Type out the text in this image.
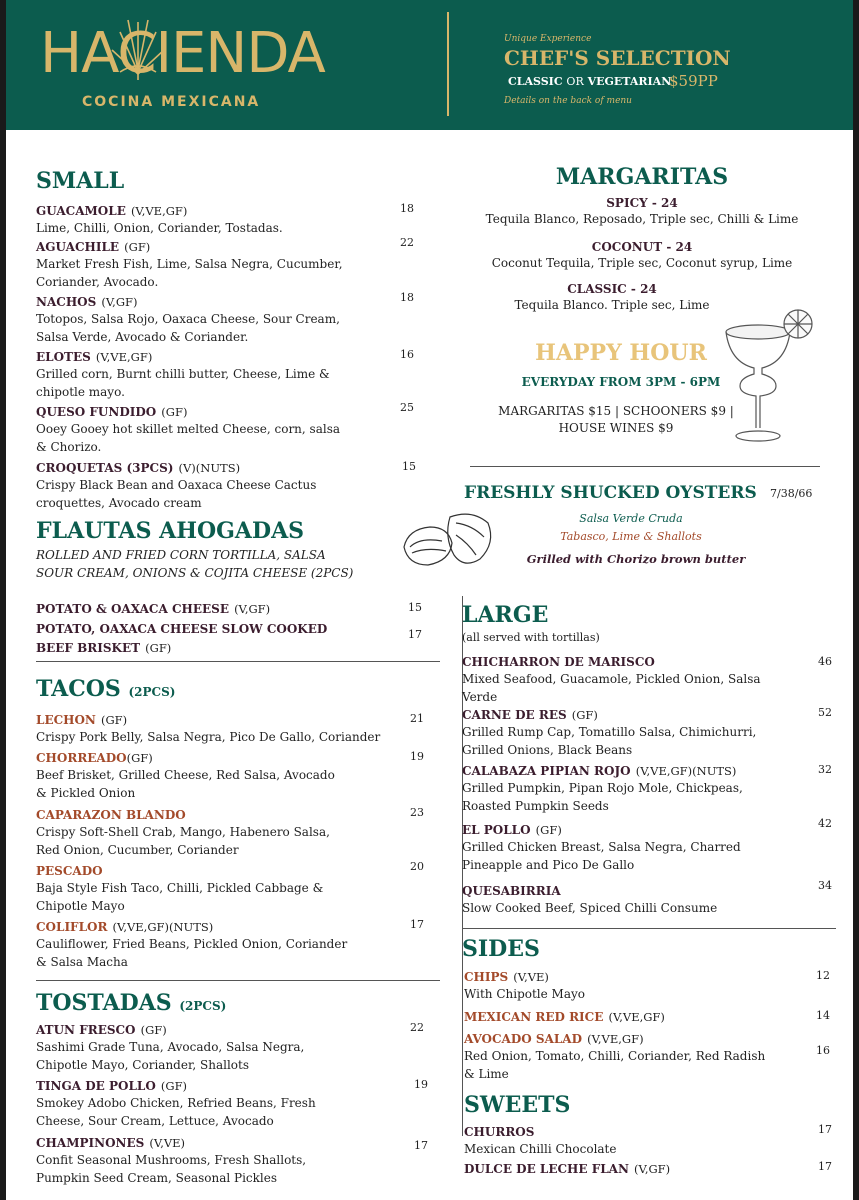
HACIENDA
COCINA MEXICANA
Unique Experience
CHEF'S SELECTION
CLASSIC OR VEGETARIAN
$59PP
Details on the back of menu
SMALL
GUACAMOLE (V,VE,GF)
Lime, Chilli, Onion, Coriander, Tostadas.
18
AGUACHILE (GF)
Market Fresh Fish, Lime, Salsa Negra, Cucumber,
Coriander, Avocado.
22
NACHOS (V,GF)
Totopos, Salsa Rojo, Oaxaca Cheese, Sour Cream,
Salsa Verde, Avocado & Coriander.
18
ELOTES (V,VE,GF)
Grilled corn, Burnt chilli butter, Cheese, Lime &
chipotle mayo.
16
QUESO FUNDIDO (GF)
Ooey Gooey hot skillet melted Cheese, corn, salsa
& Chorizo.
25
CROQUETAS (3PCS) (V)(NUTS)
Crispy Black Bean and Oaxaca Cheese Cactus
croquettes, Avocado cream
15
FLAUTAS AHOGADAS
ROLLED AND FRIED CORN TORTILLA, SALSA
SOUR CREAM, ONIONS & COJITA CHEESE (2PCS)
POTATO & OAXACA CHEESE (V,GF)	15
POTATO, OAXACA CHEESE SLOW COOKED
BEEF BRISKET (GF)
17
TACOS (2PCS)
LECHON (GF)
Crispy Pork Belly, Salsa Negra, Pico De Gallo, Coriander
21
CHORREADO(GF)
Beef Brisket, Grilled Cheese, Red Salsa, Avocado
& Pickled Onion
19
CAPARAZON BLANDO
Crispy Soft-Shell Crab, Mango, Habenero Salsa,
Red Onion, Cucumber, Coriander
23
PESCADO
Baja Style Fish Taco, Chilli, Pickled Cabbage &
Chipotle Mayo
20
COLIFLOR (V,VE,GF)(NUTS)
Cauliflower, Fried Beans, Pickled Onion, Coriander
& Salsa Macha
17
TOSTADAS (2PCS)
ATUN FRESCO (GF)
Sashimi Grade Tuna, Avocado, Salsa Negra,
Chipotle Mayo, Coriander, Shallots
22
TINGA DE POLLO (GF)
Smokey Adobo Chicken, Refried Beans, Fresh
Cheese, Sour Cream, Lettuce, Avocado
19
CHAMPINONES (V,VE)
Confit Seasonal Mushrooms, Fresh Shallots,
Pumpkin Seed Cream, Seasonal Pickles
17
MARGARITAS
SPICY - 24
Tequila Blanco, Reposado, Triple sec, Chilli & Lime
COCONUT - 24
Coconut Tequila, Triple sec, Coconut syrup, Lime
CLASSIC - 24
Tequila Blanco. Triple sec, Lime
HAPPY HOUR
EVERYDAY FROM 3PM - 6PM
MARGARITAS $15 | SCHOONERS $9 |
HOUSE WINES $9
FRESHLY SHUCKED OYSTERS 7/38/66
Salsa Verde Cruda
Tabasco, Lime & Shallots
Grilled with Chorizo brown butter
LARGE
(all served with tortillas)
CHICHARRON DE MARISCO
Mixed Seafood, Guacamole, Pickled Onion, Salsa
Verde
46
CARNE DE RES (GF)
Grilled Rump Cap, Tomatillo Salsa, Chimichurri,
Grilled Onions, Black Beans
52
CALABAZA PIPIAN ROJO (V,VE,GF)(NUTS)
Grilled Pumpkin, Pipan Rojo Mole, Chickpeas,
Roasted Pumpkin Seeds
32
EL POLLO (GF)
Grilled Chicken Breast, Salsa Negra, Charred
Pineapple and Pico De Gallo
42
QUESABIRRIA
Slow Cooked Beef, Spiced Chilli Consume
34
SIDES
CHIPS (V,VE)
With Chipotle Mayo
12
MEXICAN RED RICE (V,VE,GF)	14
AVOCADO SALAD (V,VE,GF)
Red Onion, Tomato, Chilli, Coriander, Red Radish
& Lime
16
SWEETS
CHURROS
Mexican Chilli Chocolate
17
DULCE DE LECHE FLAN (V,GF)	17
